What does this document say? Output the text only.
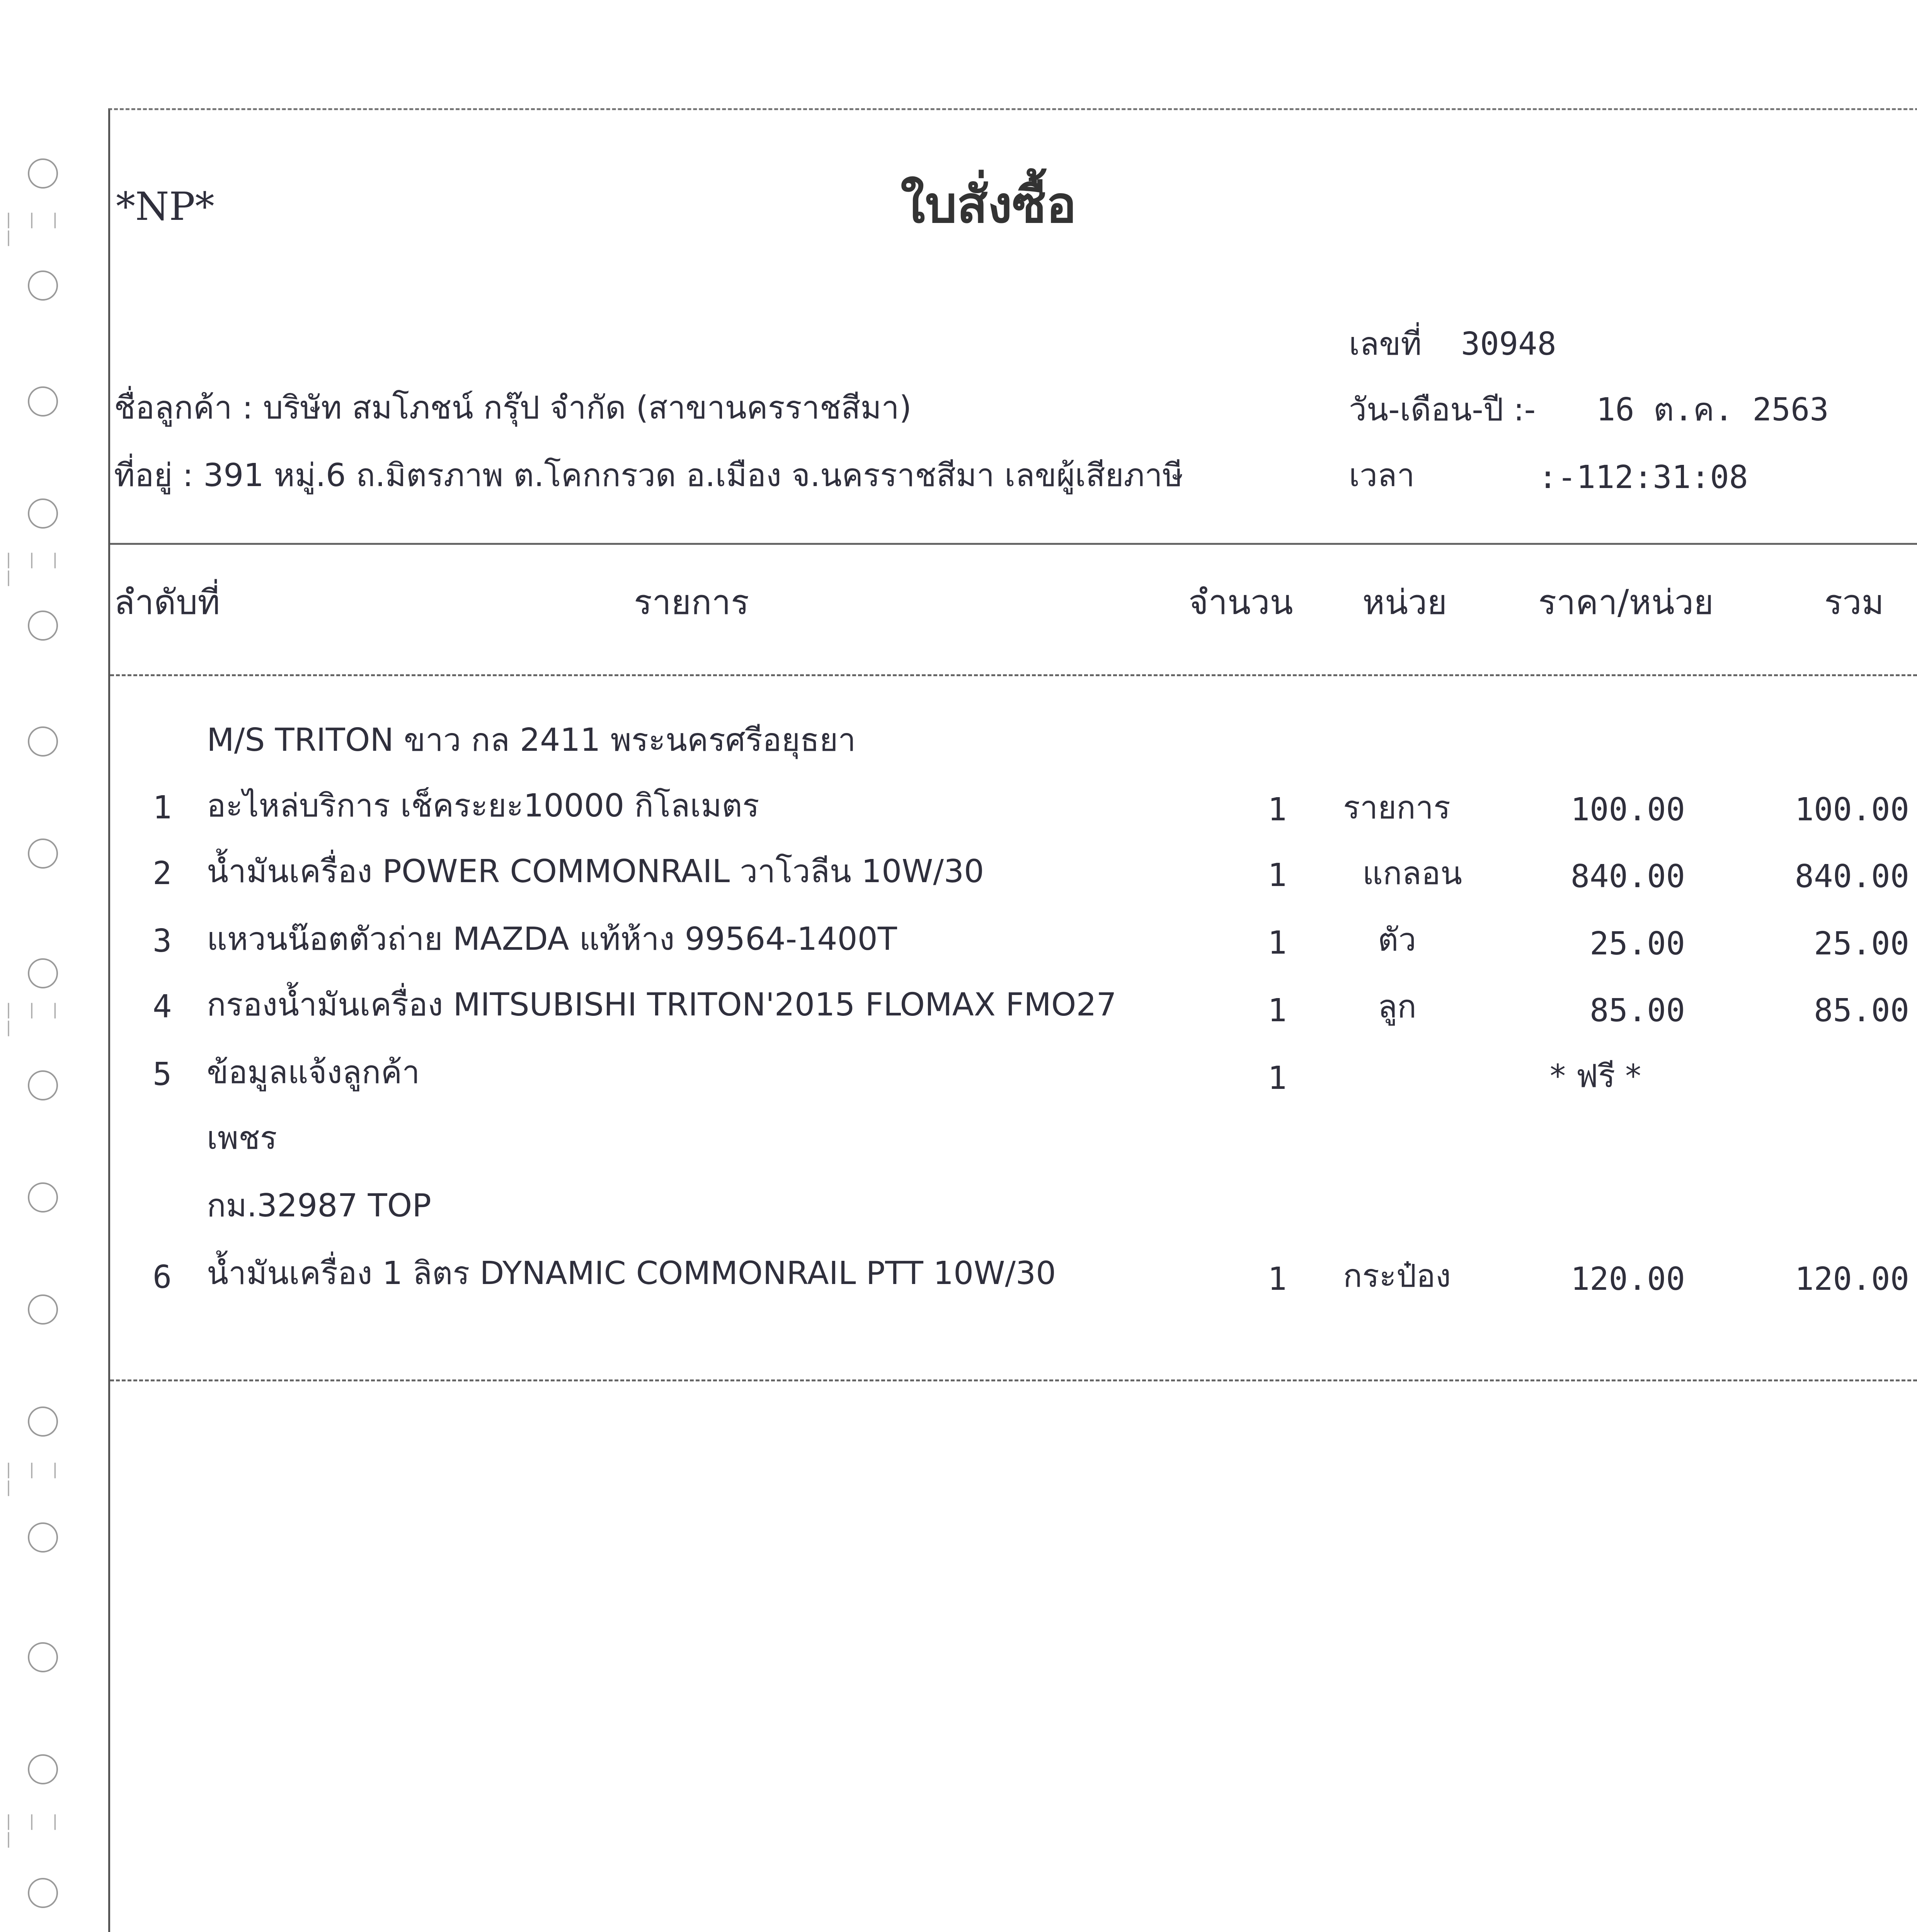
| | | |
| | | |
| | | |
| | | |
| | | |
*NP*	ใบสั่งซื้อ
เลขที่ 30948
ชื่อลูกค้า : บริษัท สมโภชน์ กรุ๊ป จำกัด (สาขานครราชสีมา)	วัน-เดือน-ปี :- 16 ต.ค. 2563
ที่อยู่ : 391 หมู่.6 ถ.มิตรภาพ ต.โคกกรวด อ.เมือง จ.นครราชสีมา เลขผู้เสียภาษี	เวลา	:-112:31:08
ลำดับที่	รายการ	จำนวน หน่วย	ราคา/หน่วย	รวม
M/S TRITON ขาว กล 2411 พระนครศรีอยุธยา
1 อะไหล่บริการ เช็คระยะ10000 กิโลเมตร	1 รายการ	100.00	100.00
2 น้ำมันเครื่อง POWER COMMONRAIL วาโวลีน 10W/30	1 แกลอน	840.00	840.00
3 แหวนน๊อตตัวถ่าย MAZDA แท้ห้าง 99564-1400T	1	ตัว	25.00	25.00
4 กรองน้ำมันเครื่อง MITSUBISHI TRITON'2015 FLOMAX FMO27	1	ลูก	85.00	85.00
5 ข้อมูลแจ้งลูกค้า	1	* ฟรี *
เพชร
กม.32987 TOP
6 น้ำมันเครื่อง 1 ลิตร DYNAMIC COMMONRAIL PTT 10W/30	1 กระป๋อง	120.00	120.00
